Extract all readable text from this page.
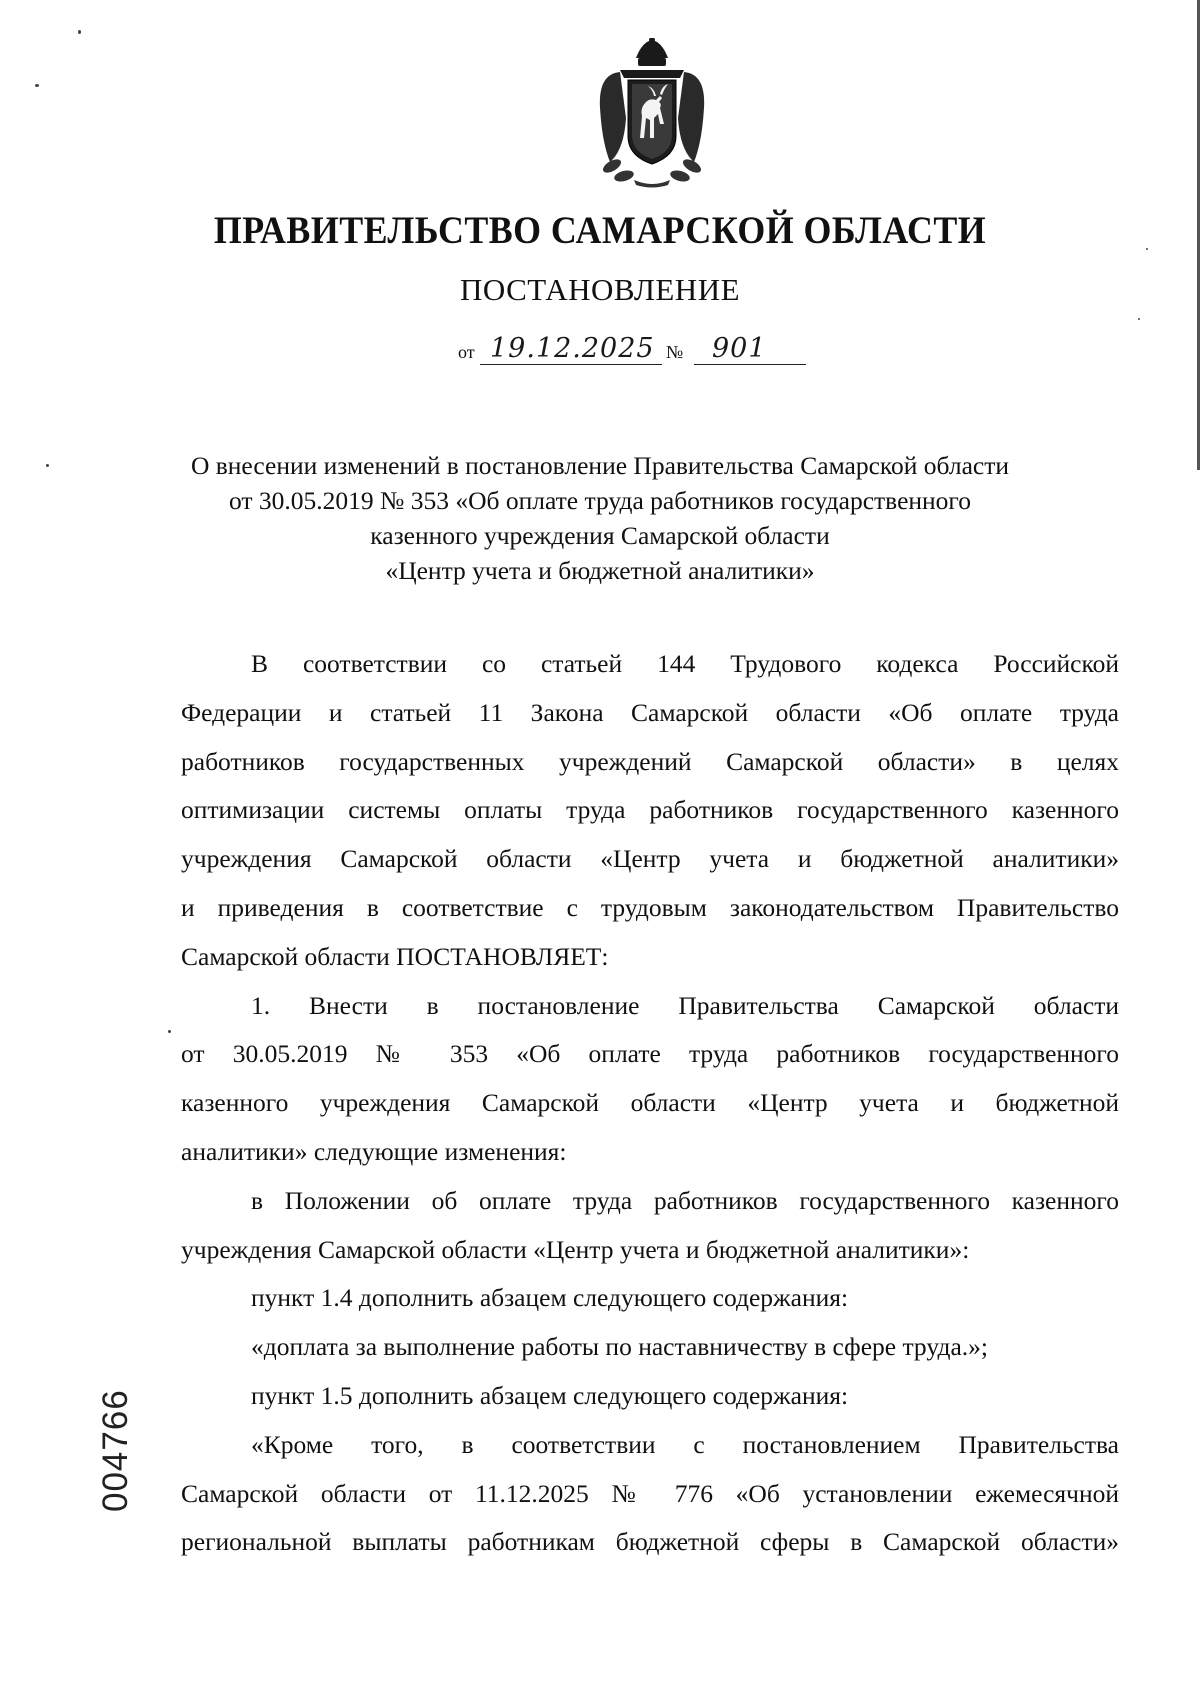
ПРАВИТЕЛЬСТВО САМАРСКОЙ ОБЛАСТИ
ПОСТАНОВЛЕНИЕ
от 19.12.2025 № 901
О внесении изменений в постановление Правительства Самарской области
от 30.05.2019 № 353 «Об оплате труда работников государственного
казенного учреждения Самарской области
«Центр учета и бюджетной аналитики»
В соответствии со статьей 144 Трудового кодекса Российской
Федерации и статьей 11 Закона Самарской области «Об оплате труда
работников государственных учреждений Самарской области» в целях
оптимизации системы оплаты труда работников государственного казенного
учреждения Самарской области «Центр учета и бюджетной аналитики»
и приведения в соответствие с трудовым законодательством Правительство
Самарской области ПОСТАНОВЛЯЕТ:
1. Внести в постановление Правительства Самарской области
от 30.05.2019 № 353 «Об оплате труда работников государственного
казенного учреждения Самарской области «Центр учета и бюджетной
аналитики» следующие изменения:
в Положении об оплате труда работников государственного казенного
учреждения Самарской области «Центр учета и бюджетной аналитики»:
пункт 1.4 дополнить абзацем следующего содержания:
«доплата за выполнение работы по наставничеству в сфере труда.»;
пункт 1.5 дополнить абзацем следующего содержания:
«Кроме того, в соответствии с постановлением Правительства
Самарской области от 11.12.2025 № 776 «Об установлении ежемесячной
региональной выплаты работникам бюджетной сферы в Самарской области»
004766
